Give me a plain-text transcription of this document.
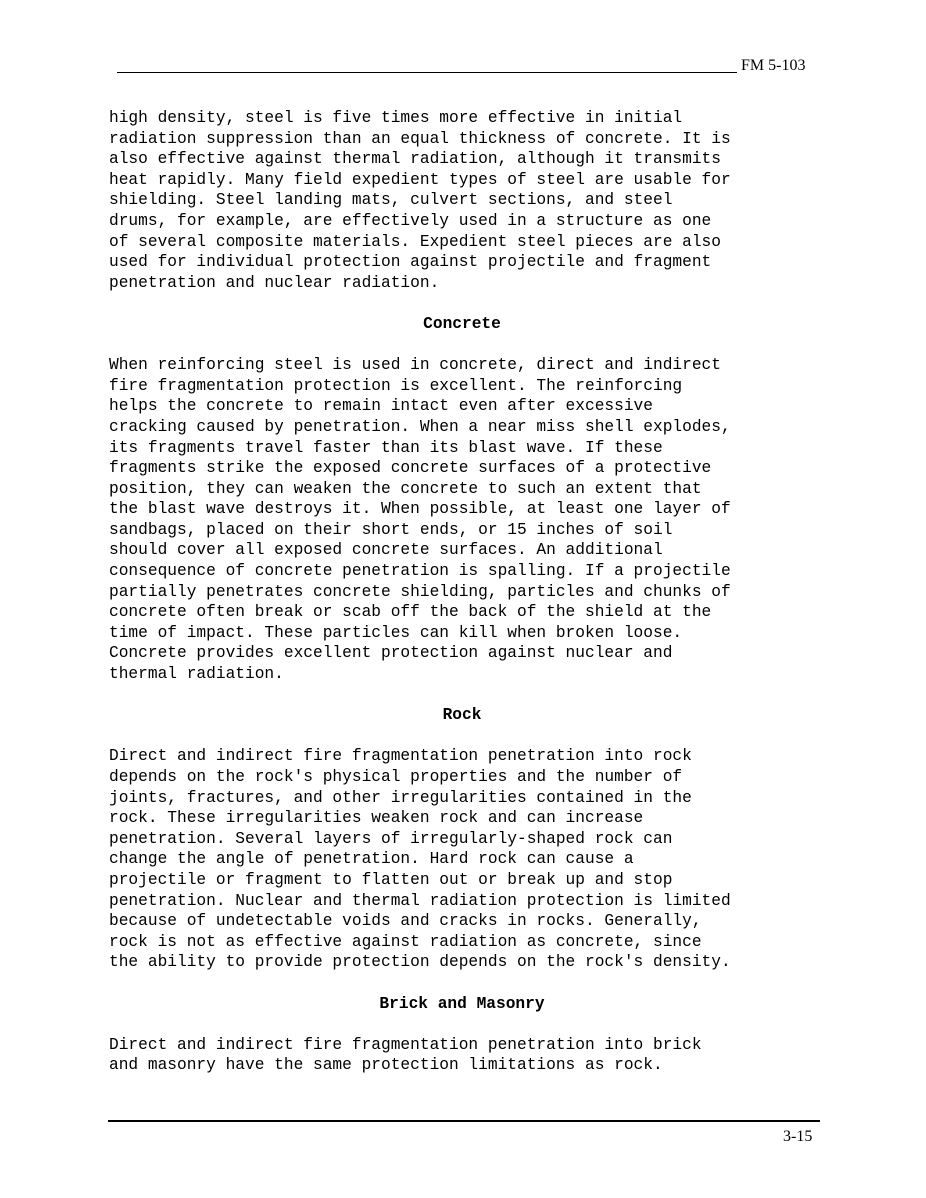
FM 5-103
high density, steel is five times more effective in initial
radiation suppression than an equal thickness of concrete. It is
also effective against thermal radiation, although it transmits
heat rapidly. Many field expedient types of steel are usable for
shielding. Steel landing mats, culvert sections, and steel
drums, for example, are effectively used in a structure as one
of several composite materials. Expedient steel pieces are also
used for individual protection against projectile and fragment
penetration and nuclear radiation.
Concrete
When reinforcing steel is used in concrete, direct and indirect
fire fragmentation protection is excellent. The reinforcing
helps the concrete to remain intact even after excessive
cracking caused by penetration. When a near miss shell explodes,
its fragments travel faster than its blast wave. If these
fragments strike the exposed concrete surfaces of a protective
position, they can weaken the concrete to such an extent that
the blast wave destroys it. When possible, at least one layer of
sandbags, placed on their short ends, or 15 inches of soil
should cover all exposed concrete surfaces. An additional
consequence of concrete penetration is spalling. If a projectile
partially penetrates concrete shielding, particles and chunks of
concrete often break or scab off the back of the shield at the
time of impact. These particles can kill when broken loose.
Concrete provides excellent protection against nuclear and
thermal radiation.
Rock
Direct and indirect fire fragmentation penetration into rock
depends on the rock's physical properties and the number of
joints, fractures, and other irregularities contained in the
rock. These irregularities weaken rock and can increase
penetration. Several layers of irregularly-shaped rock can
change the angle of penetration. Hard rock can cause a
projectile or fragment to flatten out or break up and stop
penetration. Nuclear and thermal radiation protection is limited
because of undetectable voids and cracks in rocks. Generally,
rock is not as effective against radiation as concrete, since
the ability to provide protection depends on the rock's density.
Brick and Masonry
Direct and indirect fire fragmentation penetration into brick
and masonry have the same protection limitations as rock.
3-15
